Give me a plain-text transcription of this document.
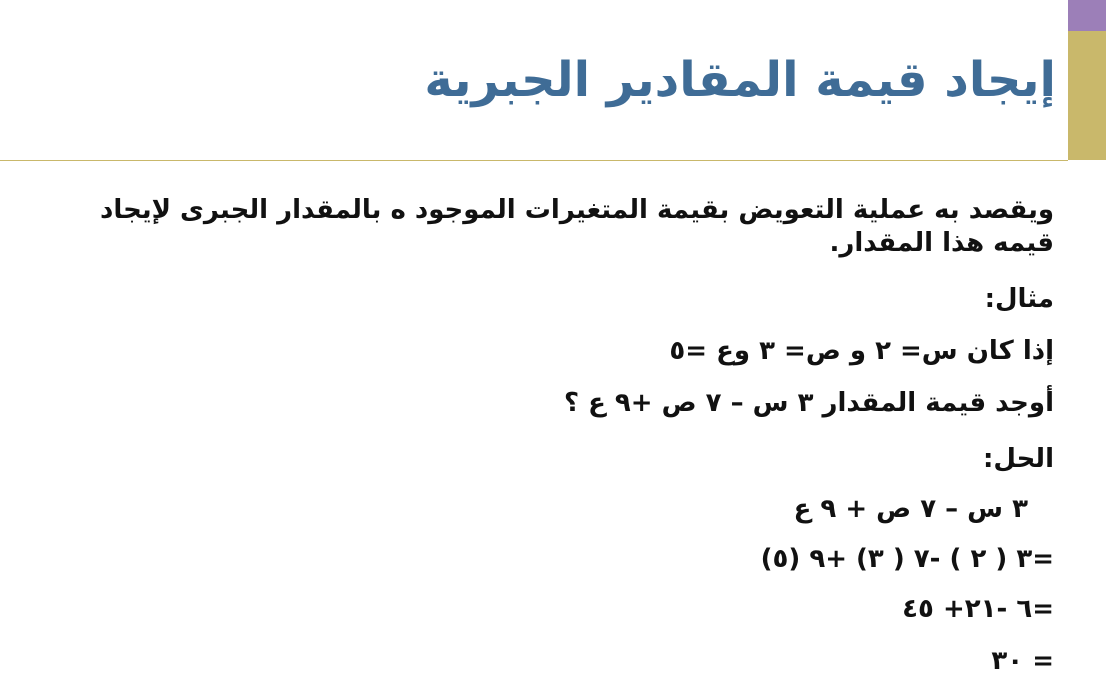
إيجاد قيمة المقادير الجبرية

ويقصد به عملية التعويض بقيمة المتغيرات الموجود ه بالمقدار الجبرى لإيجاد قيمه هذا المقدار.

مثال:

إذا كان س= ٢ و ص= ٣ وع =٥

أوجد قيمة المقدار ٣ س – ٧ ص +٩ ع ؟

الحل:

٣ س – ٧ ص + ٩ ع

=٣ ( ٢ ) -٧ ( ٣) +٩ (٥)

=٦ -٢١+ ٤٥

= ٣٠
